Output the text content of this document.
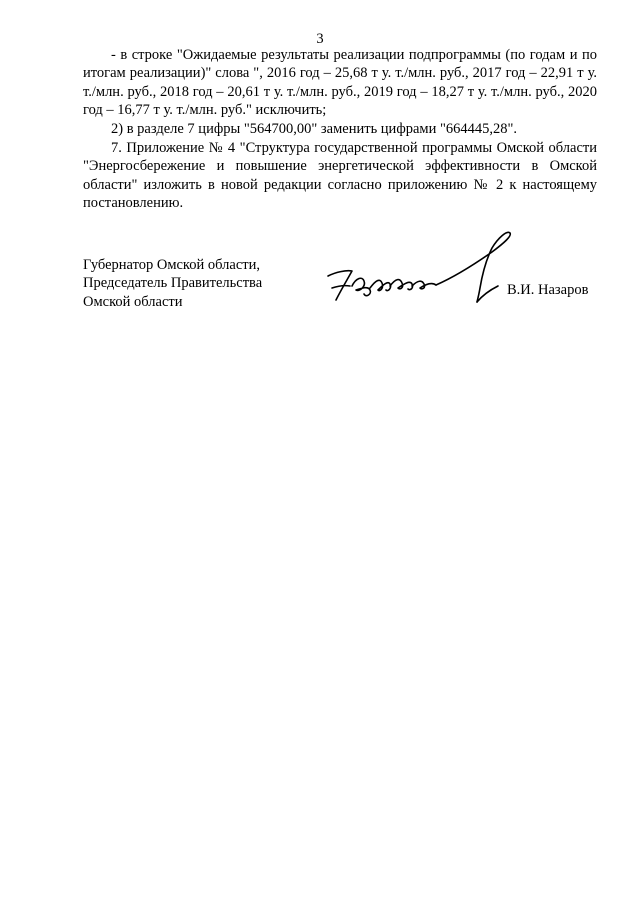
3

- в строке "Ожидаемые результаты реализации подпрограммы (по годам и по итогам реализации)" слова ", 2016 год – 25,68 т у. т./млн. руб., 2017 год – 22,91 т у. т./млн. руб., 2018 год – 20,61 т у. т./млн. руб., 2019 год – 18,27 т у. т./млн. руб., 2020 год – 16,77 т у. т./млн. руб." исключить;

2) в разделе 7 цифры "564700,00" заменить цифрами "664445,28".

7. Приложение № 4 "Структура государственной программы Омской области "Энергосбережение и повышение энергетической эффективности в Омской области" изложить в новой редакции согласно приложению № 2 к настоящему постановлению.

Губернатор Омской области,
Председатель Правительства
Омской области
В.И. Назаров
